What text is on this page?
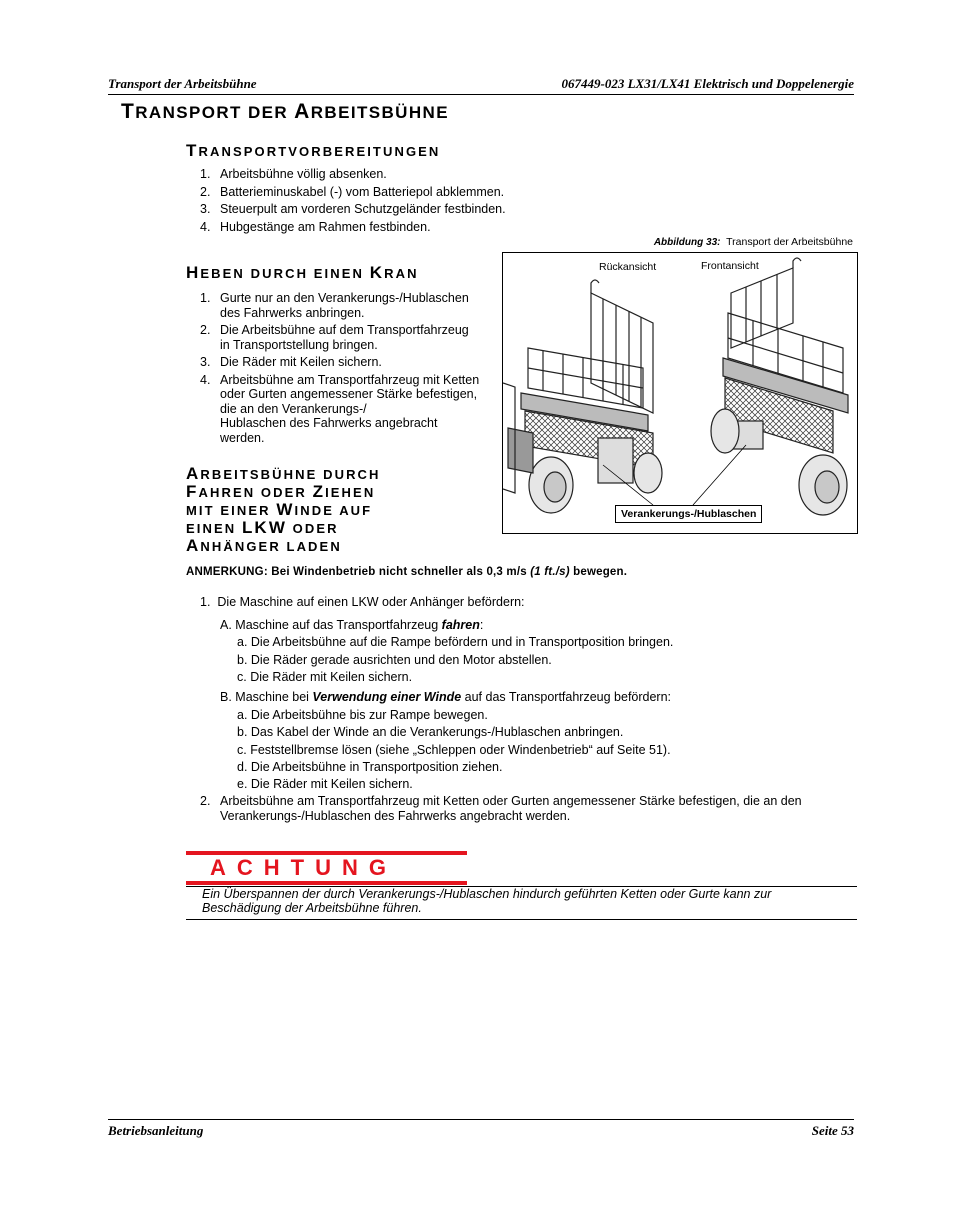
Transport der Arbeitsbühne	067449-023 LX31/LX41 Elektrisch und Doppelenergie
TRANSPORT DER ARBEITSBÜHNE
TRANSPORTVORBEREITUNGEN
1. Arbeitsbühne völlig absenken.
2. Batterieminuskabel (-) vom Batteriepol abklemmen.
3. Steuerpult am vorderen Schutzgeländer festbinden.
4. Hubgestänge am Rahmen festbinden.
Abbildung 33: Transport der Arbeitsbühne
Rückansicht	Frontansicht
Verankerungs-/Hublaschen
HEBEN DURCH EINEN KRAN
1. Gurte nur an den Verankerungs-/Hublaschen
des Fahrwerks anbringen.
2. Die Arbeitsbühne auf dem Transportfahrzeug
in Transportstellung bringen.
3. Die Räder mit Keilen sichern.
4. Arbeitsbühne am Transportfahrzeug mit Ketten
oder Gurten angemessener Stärke befestigen,
die an den Verankerungs-/
Hublaschen des Fahrwerks angebracht
werden.
ARBEITSBÜHNE DURCH
FAHREN ODER ZIEHEN
MIT EINER WINDE AUF
EINEN LKW ODER
ANHÄNGER LADEN
ANMERKUNG: Bei Windenbetrieb nicht schneller als 0,3 m/s (1 ft./s) bewegen.
1. Die Maschine auf einen LKW oder Anhänger befördern:
A. Maschine auf das Transportfahrzeug fahren:
a. Die Arbeitsbühne auf die Rampe befördern und in Transportposition bringen.
b. Die Räder gerade ausrichten und den Motor abstellen.
c. Die Räder mit Keilen sichern.
B. Maschine bei Verwendung einer Winde auf das Transportfahrzeug befördern:
a. Die Arbeitsbühne bis zur Rampe bewegen.
b. Das Kabel der Winde an die Verankerungs-/Hublaschen anbringen.
c. Feststellbremse lösen (siehe „Schleppen oder Windenbetrieb“ auf Seite 51).
d. Die Arbeitsbühne in Transportposition ziehen.
e. Die Räder mit Keilen sichern.
2. Arbeitsbühne am Transportfahrzeug mit Ketten oder Gurten angemessener Stärke befestigen, die an den
Verankerungs-/Hublaschen des Fahrwerks angebracht werden.
ACHTUNG
Ein Überspannen der durch Verankerungs-/Hublaschen hindurch geführten Ketten oder Gurte kann zur
Beschädigung der Arbeitsbühne führen.
Betriebsanleitung	Seite 53
